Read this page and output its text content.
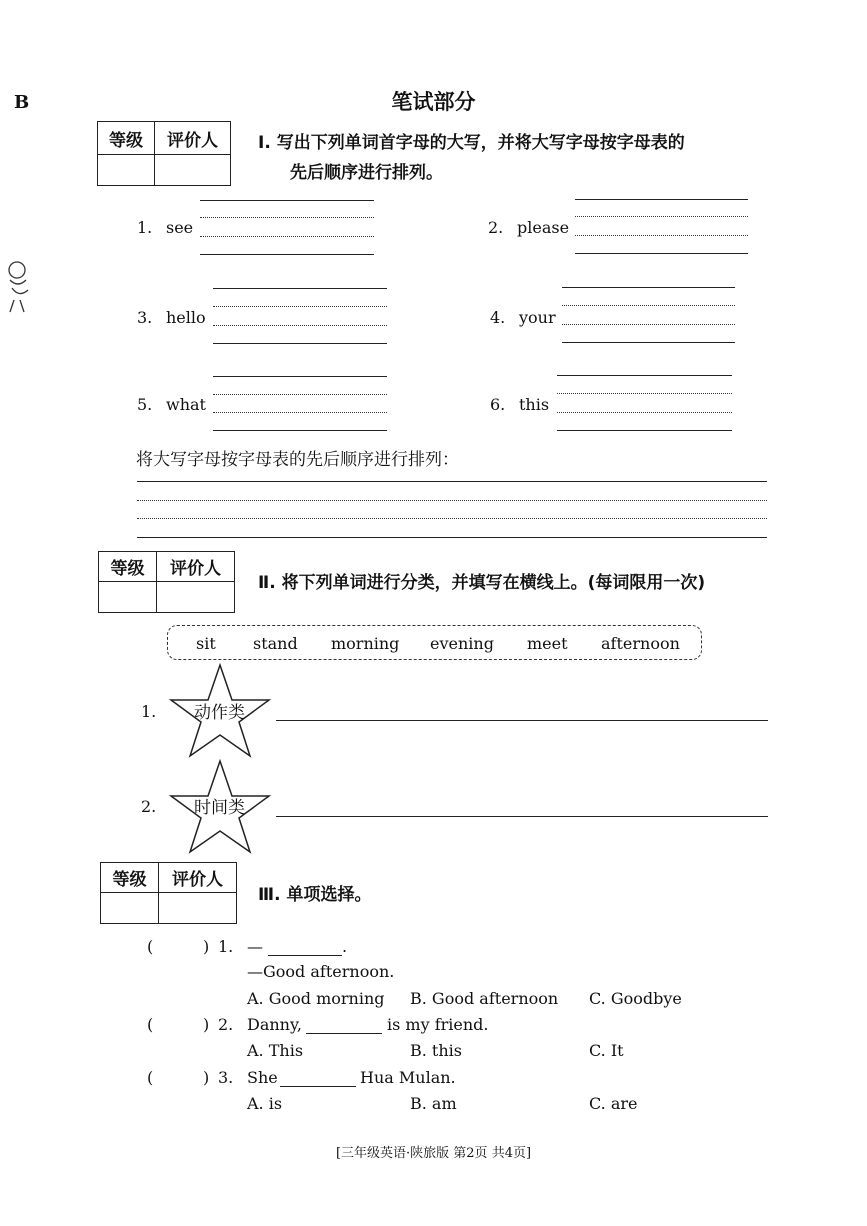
B	笔试部分
等级	评价人
	Ⅰ. 写出下列单词首字母的大写，并将大写字母按字母表的
先后顺序进行排列。
1. see	2. please
3. hello	4. your
5. what	6. this
将大写字母按字母表的先后顺序进行排列：
等级	评价人

Ⅱ. 将下列单词进行分类，并填写在横线上。(每词限用一次)
sit stand morning evening meet afternoon
1. 动作类
2. 时间类
等级	评价人

Ⅲ. 单项选择。
(	) 1. —	.
—Good afternoon.
A. Good morning B. Good afternoon C. Goodbye
(	) 2. Danny,	is my friend.
A. This	B. this	C. It
(	) 3. She	Hua Mulan.
A. is	B. am	C. are
[三年级英语·陕旅版 第2页 共4页]
